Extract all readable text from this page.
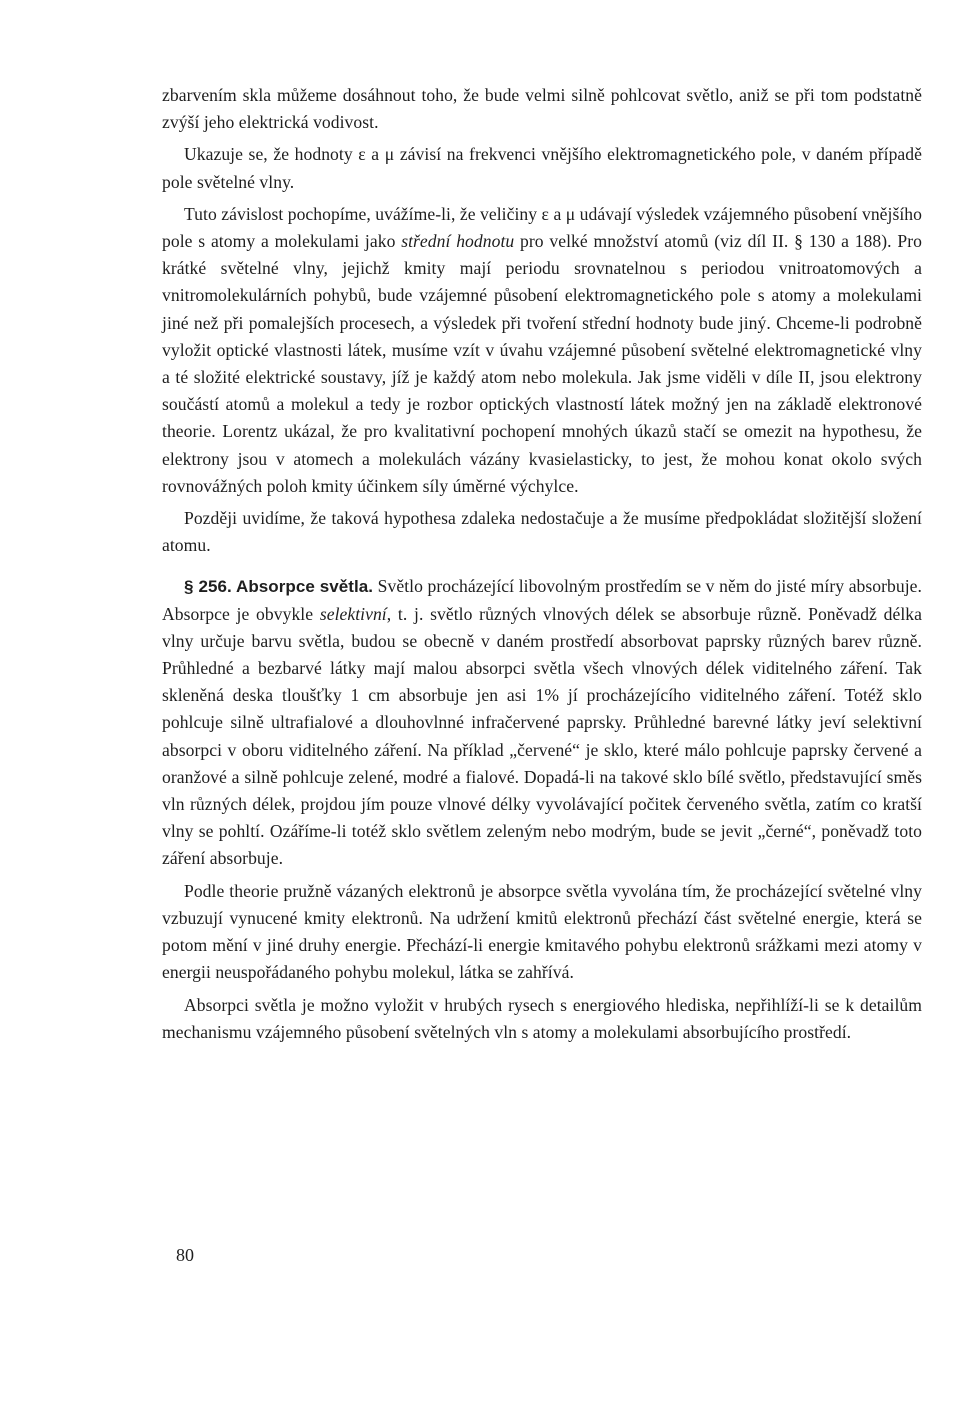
zbarvením skla můžeme dosáhnout toho, že bude velmi silně pohlcovat světlo, aniž se při tom podstatně zvýší jeho elektrická vodivost.

Ukazuje se, že hodnoty ε a μ závisí na frekvenci vnějšího elektromagnetického pole, v daném případě pole světelné vlny.

Tuto závislost pochopíme, uvážíme-li, že veličiny ε a μ udávají výsledek vzájemného působení vnějšího pole s atomy a molekulami jako střední hodnotu pro velké množství atomů (viz díl II. § 130 a 188). Pro krátké světelné vlny, jejichž kmity mají periodu srovnatelnou s periodou vnitroatomových a vnitromolekulárních pohybů, bude vzájemné působení elektromagnetického pole s atomy a molekulami jiné než při pomalejších procesech, a výsledek při tvoření střední hodnoty bude jiný. Chceme-li podrobně vyložit optické vlastnosti látek, musíme vzít v úvahu vzájemné působení světelné elektromagnetické vlny a té složité elektrické soustavy, jíž je každý atom nebo molekula. Jak jsme viděli v díle II, jsou elektrony součástí atomů a molekul a tedy je rozbor optických vlastností látek možný jen na základě elektronové theorie. Lorentz ukázal, že pro kvalitativní pochopení mnohých úkazů stačí se omezit na hypothesu, že elektrony jsou v atomech a molekulách vázány kvasielasticky, to jest, že mohou konat okolo svých rovnovážných poloh kmity účinkem síly úměrné výchylce.

Později uvidíme, že taková hypothesa zdaleka nedostačuje a že musíme předpokládat složitější složení atomu.

§ 256. Absorpce světla. Světlo procházející libovolným prostředím se v něm do jisté míry absorbuje. Absorpce je obvykle selektivní, t. j. světlo různých vlnových délek se absorbuje různě. Poněvadž délka vlny určuje barvu světla, budou se obecně v daném prostředí absorbovat paprsky různých barev různě. Průhledné a bezbarvé látky mají malou absorpci světla všech vlnových délek viditelného záření. Tak skleněná deska tloušťky 1 cm absorbuje jen asi 1% jí procházejícího viditelného záření. Totéž sklo pohlcuje silně ultrafialové a dlouhovlnné infračervené paprsky. Průhledné barevné látky jeví selektivní absorpci v oboru viditelného záření. Na příklad „červené“ je sklo, které málo pohlcuje paprsky červené a oranžové a silně pohlcuje zelené, modré a fialové. Dopadá-li na takové sklo bílé světlo, představující směs vln různých délek, projdou jím pouze vlnové délky vyvolávající počitek červeného světla, zatím co kratší vlny se pohltí. Ozáříme-li totéž sklo světlem zeleným nebo modrým, bude se jevit „černé“, poněvadž toto záření absorbuje.

Podle theorie pružně vázaných elektronů je absorpce světla vyvolána tím, že procházející světelné vlny vzbuzují vynucené kmity elektronů. Na udržení kmitů elektronů přechází část světelné energie, která se potom mění v jiné druhy energie. Přechází-li energie kmitavého pohybu elektronů srážkami mezi atomy v energii neuspořádaného pohybu molekul, látka se zahřívá.

Absorpci světla je možno vyložit v hrubých rysech s energiového hlediska, nepřihlíží-li se k detailům mechanismu vzájemného působení světelných vln s atomy a molekulami absorbujícího prostředí.

80
